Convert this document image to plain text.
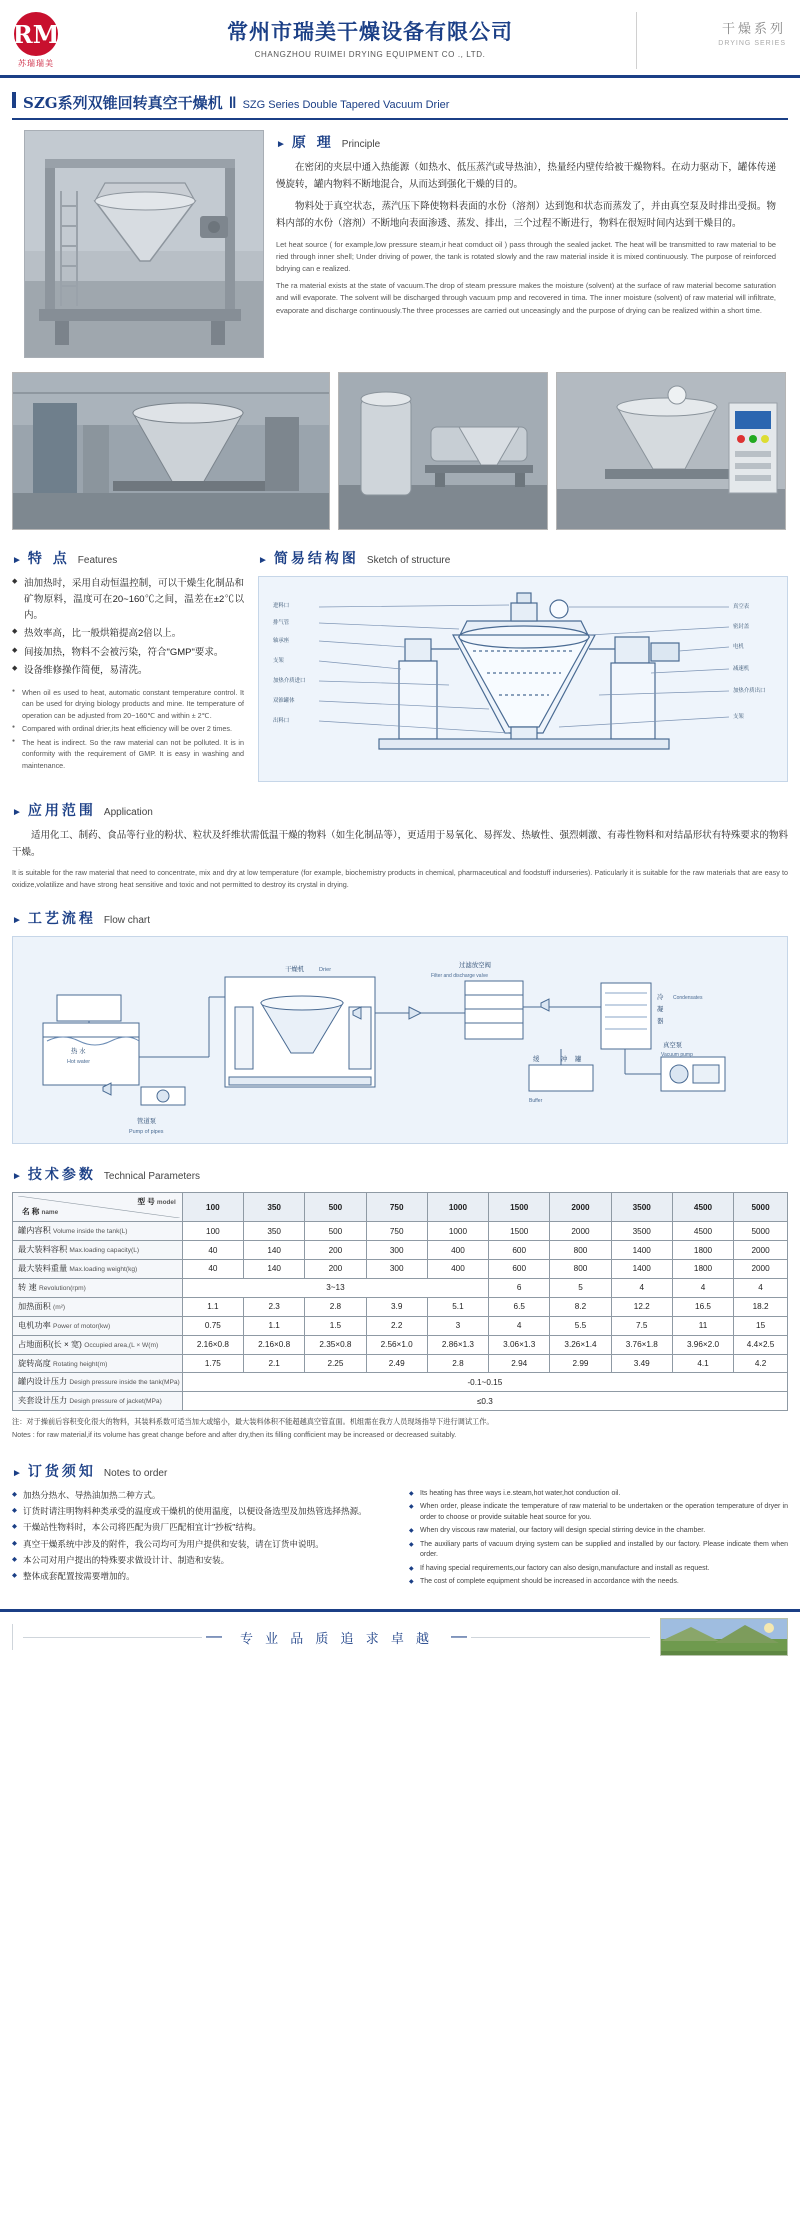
RM
苏瑞瑞美
常州市瑞美干燥设备有限公司
CHANGZHOU RUIMEI DRYING EQUIPMENT CO ., LTD.
干燥系列
DRYING SERIES
SZG系列双锥回转真空干燥机 ‖ SZG Series Double Tapered Vacuum Drier
► 原 理 Principle

在密闭的夹层中通入热能源（如热水、低压蒸汽或导热油），热量经内壁传给被干燥物料。在动力驱动下，罐体传递慢旋转，罐内物料不断地混合，从而达到强化干燥的目的。

物料处于真空状态，蒸汽压下降使物料表面的水份（溶剂）达到饱和状态而蒸发了，并由真空泵及时排出受损。物料内部的水份（溶剂）不断地向表面渗透、蒸发、排出，三个过程不断进行，物料在很短时间内达到干燥目的。

Let heat source ( for example,low pressure steam,ir heat comduct oil ) pass through the sealed jacket. The heat will be transmitted to raw material to be ried through inner shell; Under driving of power, the tank is rotated slowly and the raw material inside it is mixed continuously. The purpose of reinforced bdrying can e realized.

The ra material exists at the state of vacuum.The drop of steam pressure makes the moisture (solvent) at the surface of raw material become saturation and will evaporate. The solvent will be discharged through vacuum pmp and recovered in tima. The inner moisture (solvent) of raw material will infiltrate, evaporate and discharge continuously.The three processes are carried out unceasingly and the purpose of drying can be realized within a short time.

► 特 点 Features
◆ 油加热时，采用自动恒温控制，可以干燥生化制品和矿物原料，温度可在20~160℃之间，温差在±2℃以内。
◆ 热效率高，比一般烘箱提高2倍以上。
◆ 间接加热，物料不会被污染，符合"GMP"要求。
◆ 设备维修操作简便，易清洗。

● When oil es used to heat, automatic constant temperature control. It can be used for drying biology products and mine. Ite temperature of operation can be adjusted from 20~160℃ and within ± 2℃.

● Compared with ordinal drier,its heat efficiency will be over 2 times.

● The heat is indirect. So the raw material can not be polluted. It is in conformity with the requirement of GMP. It is easy in washing and maintenance.

► 简易结构图 Sketch of structure
进料口
排气管
轴承座
支架
加热介质进口
双锥罐体
出料口
真空表
密封盖
电机
减速机
加热介质出口
支架
► 应用范围 Application

适用化工、制药、食品等行业的粉状、粒状及纤维状需低温干燥的物料（如生化制品等），更适用于易氧化、易挥发、热敏性、强烈刺激、有毒性物料和对结晶形状有特殊要求的物料干燥。

It is suitable for the raw material that need to concentrate, mix and dry at low temperature (for example, biochemistry products in chemical, pharmaceutical and foodstuff indurseries). Paticularly it is suitable for the raw materials that are easy to oxidize,volatilize and have strong heat sensitive and toxic and not permitted to destroy its crystal in drying.

► 工艺流程 Flow chart
干燥机	Drier
过滤放空阀
Filter and discharge valve
冷
凝
器
Condensates
真空泵
Vacuum pump
缓	冲 罐
Buffer
热 水
Hot water
管道泵
Pump of pipes
► 技术参数 Technical Parameters
型 号 model
名 称 name	100	350	500	750	1000	1500	2000	3500	4500	5000
罐内容积 Volume inside the tank(L)	100	350	500	750	1000	1500	2000	3500	4500	5000
最大装料容积 Max.loading capacity(L)	40	140	200	300	400	600	800	1400	1800	2000
最大装料重量 Max.loading weight(kg)	40	140	200	300	400	600	800	1400	1800	2000
转 速 Revolution(rpm)	3~13					6	5	4	4	4
加热面积 (m²)	1.1	2.3	2.8	3.9	5.1	6.5	8.2	12.2	16.5	18.2
电机功率 Power of motor(kw)	0.75	1.1	1.5	2.2	3	4	5.5	7.5	11	15
占地面积(长 × 宽) Occupied area,(L × W(m)	2.16×0.8	2.16×0.8	2.35×0.8	2.56×1.0	2.86×1.3	3.06×1.3	3.26×1.4	3.76×1.8	3.96×2.0	4.4×2.5
旋转高度 Rotating height(m)	1.75	2.1	2.25	2.49	2.8	2.94	2.99	3.49	4.1	4.2
罐内设计压力 Desigh pressure inside the tank(MPa)	-0.1~0.15									
夹套设计压力 Desigh pressure of jacket(MPa)	≤0.3									

注：对于操前后容积变化很大的物料，其装料系数可适当加大或缩小，最大装料体积不能超越真空管直面。机组需在我方人员现场指导下进行调试工作。

Notes : for raw material,if its volume has great change before and after dry,then its filling confficient may be increased or decreased suitably.

► 订货须知 Notes to order
◆ 加热分热水、导热油加热二种方式。
◆ 订货时请注明物料种类承受的温度或干燥机的使用温度，以便设备选型及加热管选择热源。
◆ 干燥站性物料时，本公司将匹配为贵厂匹配相宜计"抄板"结构。
◆ 真空干燥系统中涉及的附件，我公司均可为用户提供和安装，请在订货申说明。
◆ 本公司对用户提出的特殊要求做设计计、制造和安装。
◆ 整体成套配置按需要增加的。
◆ Its heating has three ways i.e.steam,hot water,hot conduction oil.
◆ When order, please indicate the temperature of raw material to be undertaken or the operation temperature of dryer in order to choose or provide suitable heat source for you.
◆ When dry viscous raw material, our factory will design special stirring device in the chamber.
◆ The auxiliary parts of vacuum drying system can be supplied and installed by our factory. Please indicate them when order.
◆ If having special requirements,our factory can also design,manufacture and install as request.
◆ The cost of complete equipment should be increased in accordance with the needs.
—	专 业 品 质 追 求 卓 越	—
